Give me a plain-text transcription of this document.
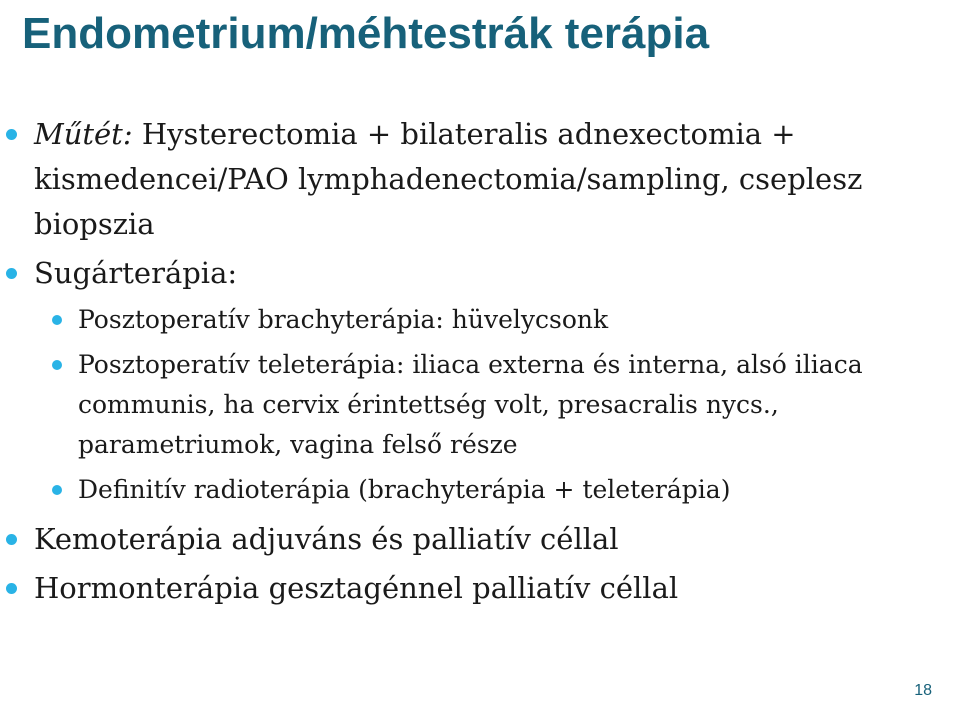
Endometrium/méhtestrák terápia
Műtét: Hysterectomia + bilateralis adnexectomia + kismedencei/PAO lymphadenectomia/sampling, cseplesz biopszia
Sugárterápia:
Posztoperatív brachyterápia: hüvelycsonk
Posztoperatív teleterápia: iliaca externa és interna, alsó iliaca communis, ha cervix érintettség volt, presacralis nycs., parametriumok, vagina felső része
Definitív radioterápia (brachyterápia + teleterápia)
Kemoterápia adjuváns és palliatív céllal
Hormonterápia gesztagénnel palliatív céllal
18
